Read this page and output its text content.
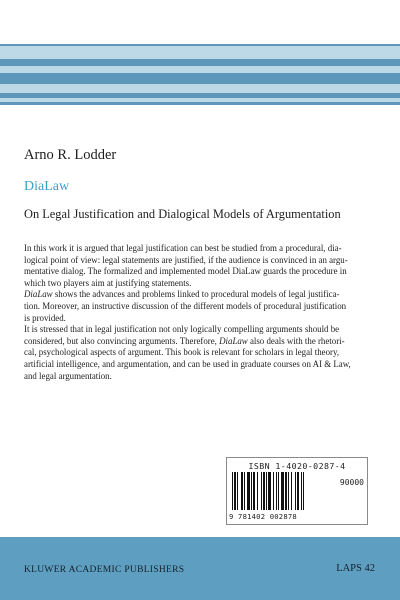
Arno R. Lodder
DiaLaw
On Legal Justification and Dialogical Models of Argumentation
In this work it is argued that legal justification can best be studied from a procedural, dia-
logical point of view: legal statements are justified, if the audience is convinced in an argu-
mentative dialog. The formalized and implemented model DiaLaw guards the procedure in
which two players aim at justifying statements.
DiaLaw shows the advances and problems linked to procedural models of legal justifica-
tion. Moreover, an instructive discussion of the different models of procedural justification
is provided.
It is stressed that in legal justification not only logically compelling arguments should be
considered, but also convincing arguments. Therefore, DiaLaw also deals with the rhetori-
cal, psychological aspects of argument. This book is relevant for scholars in legal theory,
artificial intelligence, and argumentation, and can be used in graduate courses on AI & Law,
and legal argumentation.
ISBN 1-4020-0287-4
90000
9 781402 002878
KLUWER ACADEMIC PUBLISHERS	LAPS 42
